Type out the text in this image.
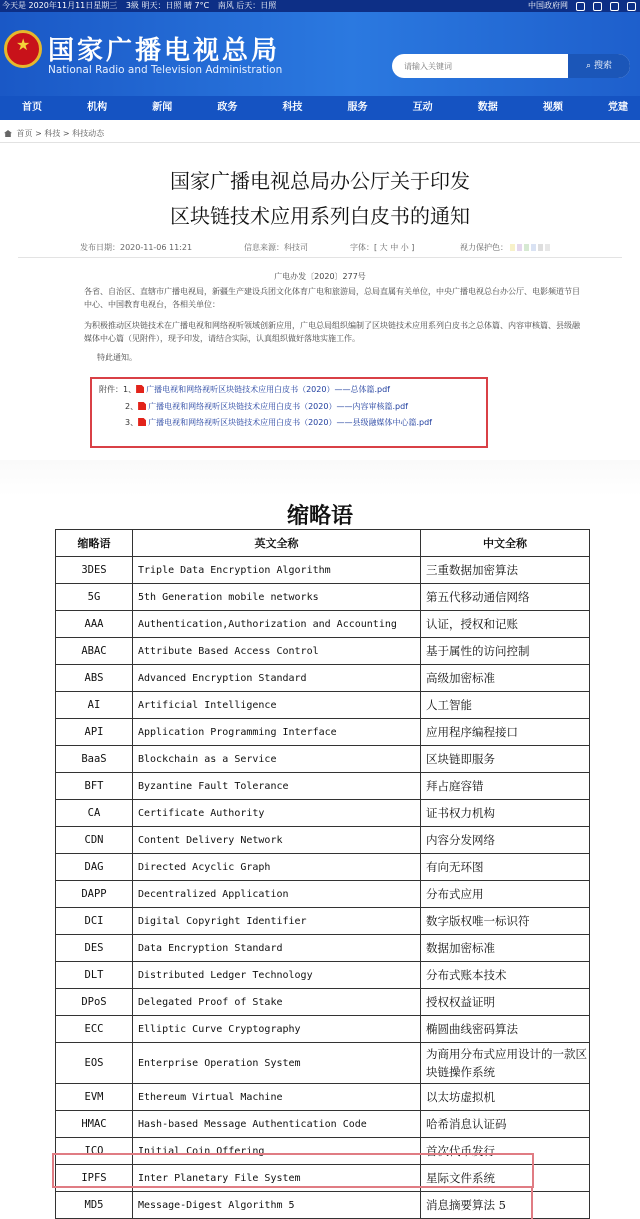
今天是 2020年11月11日星期三 3級 明天：日照 晴 7°C 南风 后天：日照	中国政府网
★ 国家广播电视总局
National Radio and Television Administration
请输入关键词	⌕ 搜索
首页	机构	新闻	政务	科技	服务	互动	数据	视频	党建
首页 > 科技 > 科技动态
国家广播电视总局办公厅关于印发
区块链技术应用系列白皮书的通知
发布日期：2020-11-06 11:21	信息来源：科技司	字体：[ 大 中 小 ]	视力保护色：
广电办发〔2020〕277号
各省、自治区、直辖市广播电视局，新疆生产建设兵团文化体育广电和旅游局，总局直属有关单位，中央广播电视总台办公厅、电影频道节目中心、中国教育电视台，各相关单位：
为积极推动区块链技术在广播电视和网络视听领域创新应用，广电总局组织编制了区块链技术应用系列白皮书之总体篇、内容审核篇、县级融媒体中心篇（见附件），现予印发，请结合实际，认真组织做好落地实施工作。
特此通知。
附件：1、 广播电视和网络视听区块链技术应用白皮书（2020）——总体篇.pdf
2、 广播电视和网络视听区块链技术应用白皮书（2020）——内容审核篇.pdf
3、 广播电视和网络视听区块链技术应用白皮书（2020）——县级融媒体中心篇.pdf
缩略语
缩略语	英文全称	中文全称
3DES	Triple Data Encryption Algorithm	三重数据加密算法
5G	5th Generation mobile networks	第五代移动通信网络
AAA	Authentication,Authorization and Accounting	认证，授权和记账
ABAC	Attribute Based Access Control	基于属性的访问控制
ABS	Advanced Encryption Standard	高级加密标准
AI	Artificial Intelligence	人工智能
API	Application Programming Interface	应用程序编程接口
BaaS	Blockchain as a Service	区块链即服务
BFT	Byzantine Fault Tolerance	拜占庭容错
CA	Certificate Authority	证书权力机构
CDN	Content Delivery Network	内容分发网络
DAG	Directed Acyclic Graph	有向无环图
DAPP	Decentralized Application	分布式应用
DCI	Digital Copyright Identifier	数字版权唯一标识符
DES	Data Encryption Standard	数据加密标准
DLT	Distributed Ledger Technology	分布式账本技术
DPoS	Delegated Proof of Stake	授权权益证明
ECC	Elliptic Curve Cryptography	椭圆曲线密码算法
EOS	Enterprise Operation System	为商用分布式应用设计的一款区块链操作系统
EVM	Ethereum Virtual Machine	以太坊虚拟机
HMAC	Hash-based Message Authentication Code	哈希消息认证码
ICO	Initial Coin Offering	首次代币发行
IPFS	Inter Planetary File System	星际文件系统
MD5	Message-Digest Algorithm 5	消息摘要算法 5
